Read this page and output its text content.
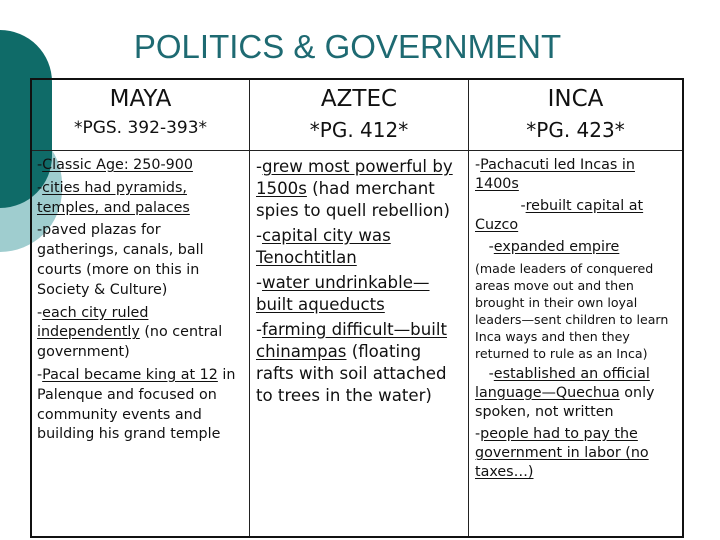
POLITICS & GOVERNMENT
MAYA
*PGS. 392-393*
AZTEC
*PG. 412*
INCA
*PG. 423*

-Classic Age: 250-900

-cities had pyramids, temples, and palaces

-paved plazas for gatherings, canals, ball courts (more on this in Society & Culture)

-each city ruled independently (no central government)

-Pacal became king at 12 in Palenque and focused on community events and building his grand temple

-grew most powerful by 1500s (had merchant spies to quell rebellion)

-capital city was Tenochtitlan

-water undrinkable—built aqueducts

-farming difficult—built chinampas (floating rafts with soil attached to trees in the water)

-Pachacuti led Incas in 1400s

-rebuilt capital at Cuzco

-expanded empire

(made leaders of conquered areas move out and then brought in their own loyal leaders—sent children to learn Inca ways and then they returned to rule as an Inca)

-established an official language—Quechua only spoken, not written

-people had to pay the government in labor (no taxes…)
